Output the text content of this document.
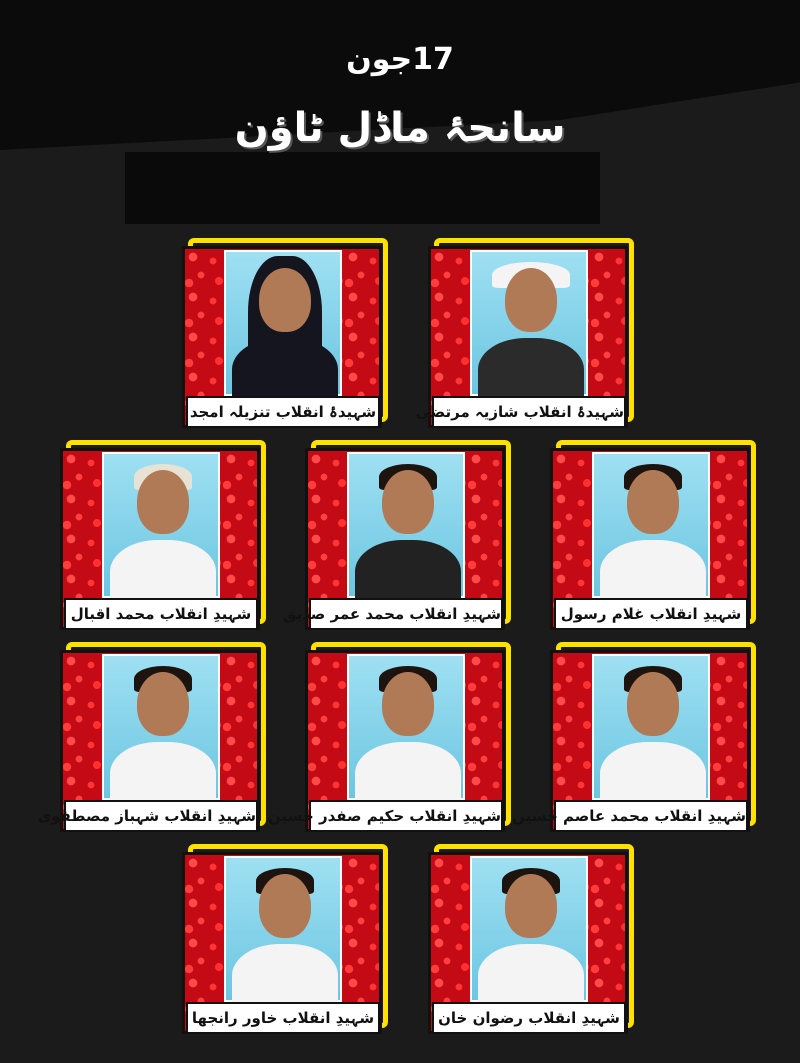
17جون
سانحۂ ماڈل ٹاؤن
شہیدۂ انقلاب تنزیلہ امجد	شہیدۂ انقلاب شازیہ مرتضی
شہیدِ انقلاب محمد اقبال	شہیدِ انقلاب محمد عمر صدیق	شہیدِ انقلاب غلام رسول
شہیدِ انقلاب شہباز مصطفوی شہیدِ انقلاب حکیم صفدر حسین شہیدِ انقلاب محمد عاصم حسین
شہیدِ انقلاب خاور رانجھا	شہیدِ انقلاب رضوان خان
